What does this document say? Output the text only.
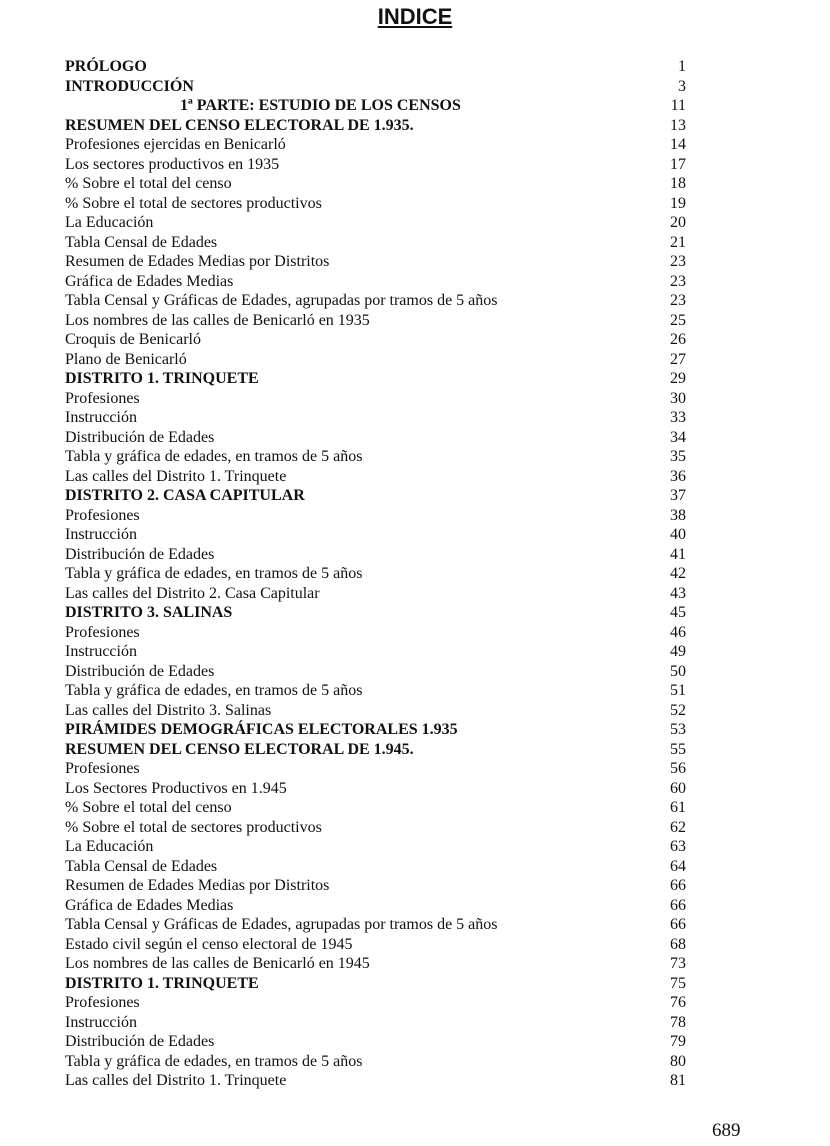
INDICE
PRÓLOGO	1
INTRODUCCIÓN	3
1ª PARTE: ESTUDIO DE LOS CENSOS	11
RESUMEN DEL CENSO ELECTORAL DE 1.935.	13
Profesiones ejercidas en Benicarló	14
Los sectores productivos en 1935	17
% Sobre el total del censo	18
% Sobre el total de sectores productivos	19
La Educación	20
Tabla Censal de Edades	21
Resumen de Edades Medias por Distritos	23
Gráfica de Edades Medias	23
Tabla Censal y Gráficas de Edades, agrupadas por tramos de 5 años	23
Los nombres de las calles de Benicarló en 1935	25
Croquis de Benicarló	26
Plano de Benicarló	27
DISTRITO 1. TRINQUETE	29
Profesiones	30
Instrucción	33
Distribución de Edades	34
Tabla y gráfica de edades, en tramos de 5 años	35
Las calles del Distrito 1. Trinquete	36
DISTRITO 2. CASA CAPITULAR	37
Profesiones	38
Instrucción	40
Distribución de Edades	41
Tabla y gráfica de edades, en tramos de 5 años	42
Las calles del Distrito 2. Casa Capitular	43
DISTRITO 3. SALINAS	45
Profesiones	46
Instrucción	49
Distribución de Edades	50
Tabla y gráfica de edades, en tramos de 5 años	51
Las calles del Distrito 3. Salinas	52
PIRÁMIDES DEMOGRÁFICAS ELECTORALES 1.935	53
RESUMEN DEL CENSO ELECTORAL DE 1.945.	55
Profesiones	56
Los Sectores Productivos en 1.945	60
% Sobre el total del censo	61
% Sobre el total de sectores productivos	62
La Educación	63
Tabla Censal de Edades	64
Resumen de Edades Medias por Distritos	66
Gráfica de Edades Medias	66
Tabla Censal y Gráficas de Edades, agrupadas por tramos de 5 años	66
Estado civil según el censo electoral de 1945	68
Los nombres de las calles de Benicarló en 1945	73
DISTRITO 1. TRINQUETE	75
Profesiones	76
Instrucción	78
Distribución de Edades	79
Tabla y gráfica de edades, en tramos de 5 años	80
Las calles del Distrito 1. Trinquete	81
689
